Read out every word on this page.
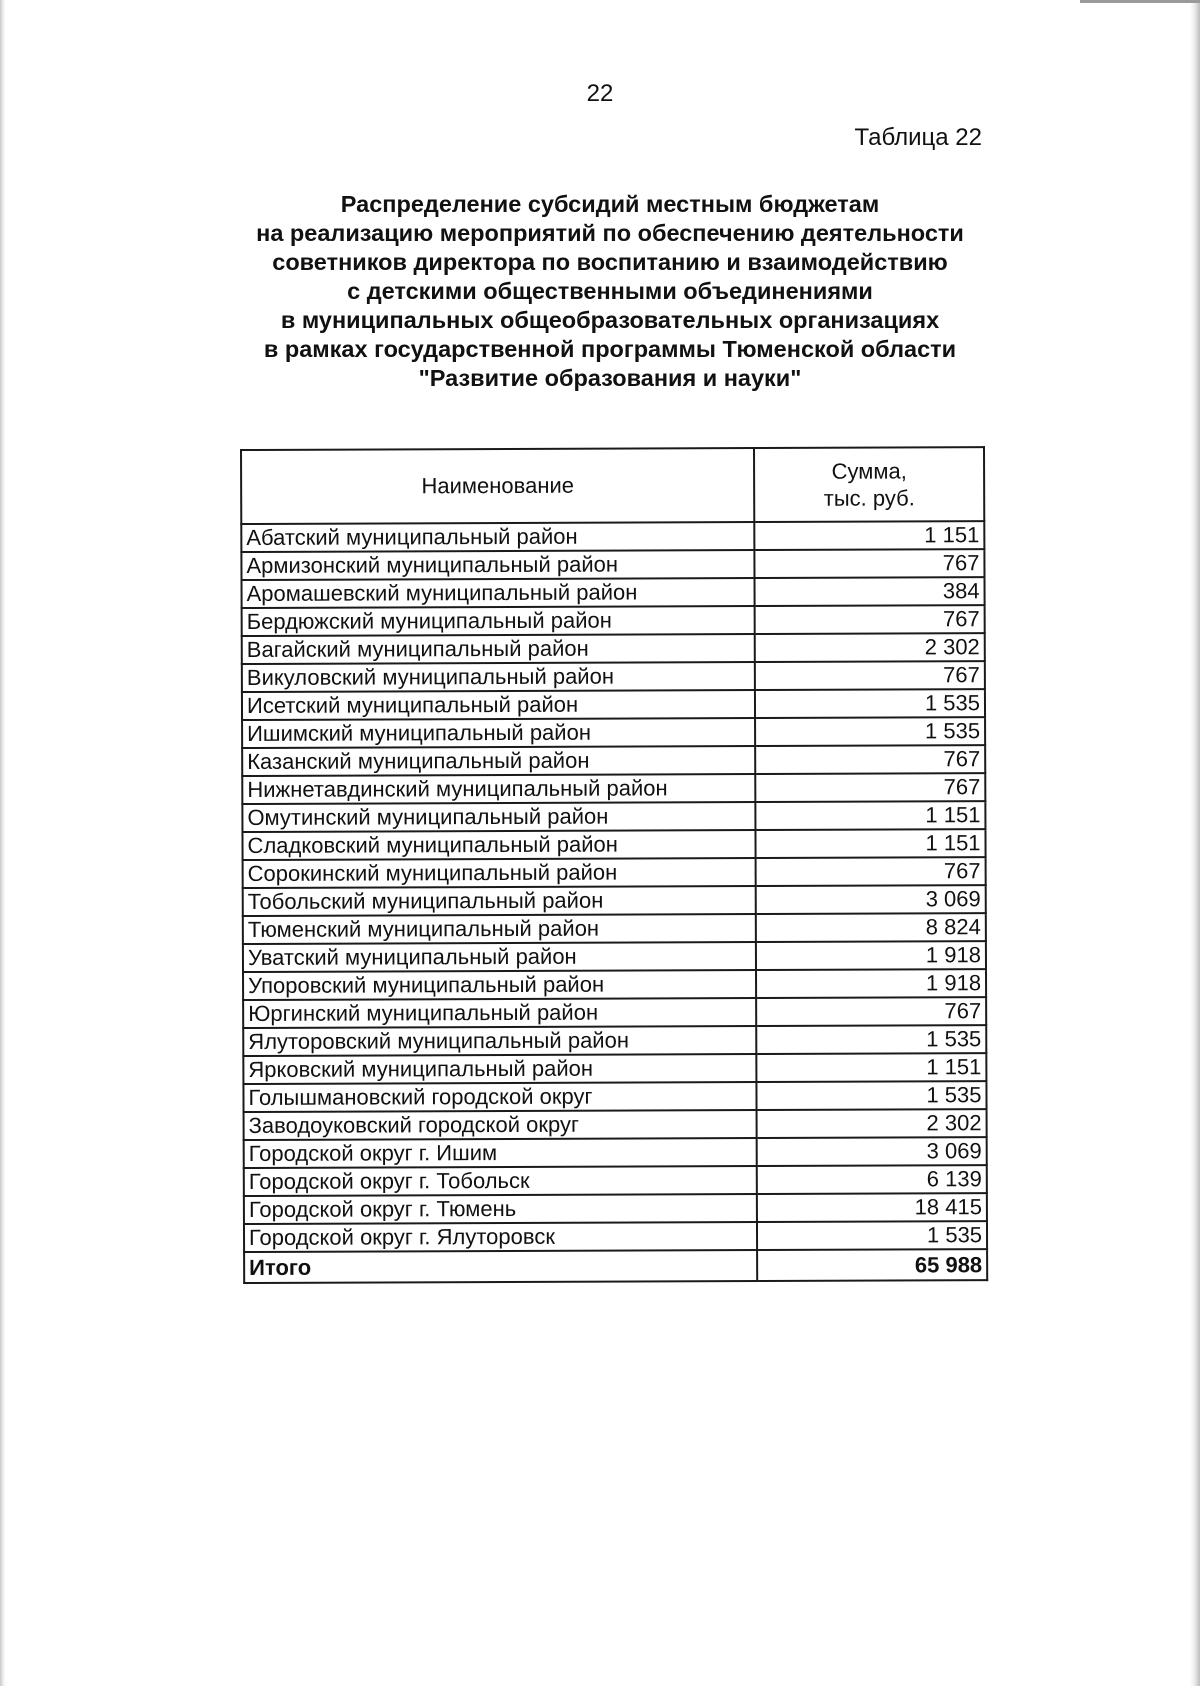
22
Таблица 22
Распределение субсидий местным бюджетам
на реализацию мероприятий по обеспечению деятельности
советников директора по воспитанию и взаимодействию
с детскими общественными объединениями
в муниципальных общеобразовательных организациях
в рамках государственной программы Тюменской области
"Развитие образования и науки"
Наименование	Сумма,
тыс. руб.

Абатский муниципальный район	1 151
Армизонский муниципальный район	767
Аромашевский муниципальный район	384
Бердюжский муниципальный район	767
Вагайский муниципальный район	2 302
Викуловский муниципальный район	767
Исетский муниципальный район	1 535
Ишимский муниципальный район	1 535
Казанский муниципальный район	767
Нижнетавдинский муниципальный район	767
Омутинский муниципальный район	1 151
Сладковский муниципальный район	1 151
Сорокинский муниципальный район	767
Тобольский муниципальный район	3 069
Тюменский муниципальный район	8 824
Уватский муниципальный район	1 918
Упоровский муниципальный район	1 918
Юргинский муниципальный район	767
Ялуторовский муниципальный район	1 535
Ярковский муниципальный район	1 151
Голышмановский городской округ	1 535
Заводоуковский городской округ	2 302
Городской округ г. Ишим	3 069
Городской округ г. Тобольск	6 139
Городской округ г. Тюмень	18 415
Городской округ г. Ялуторовск	1 535
Итого	65 988
